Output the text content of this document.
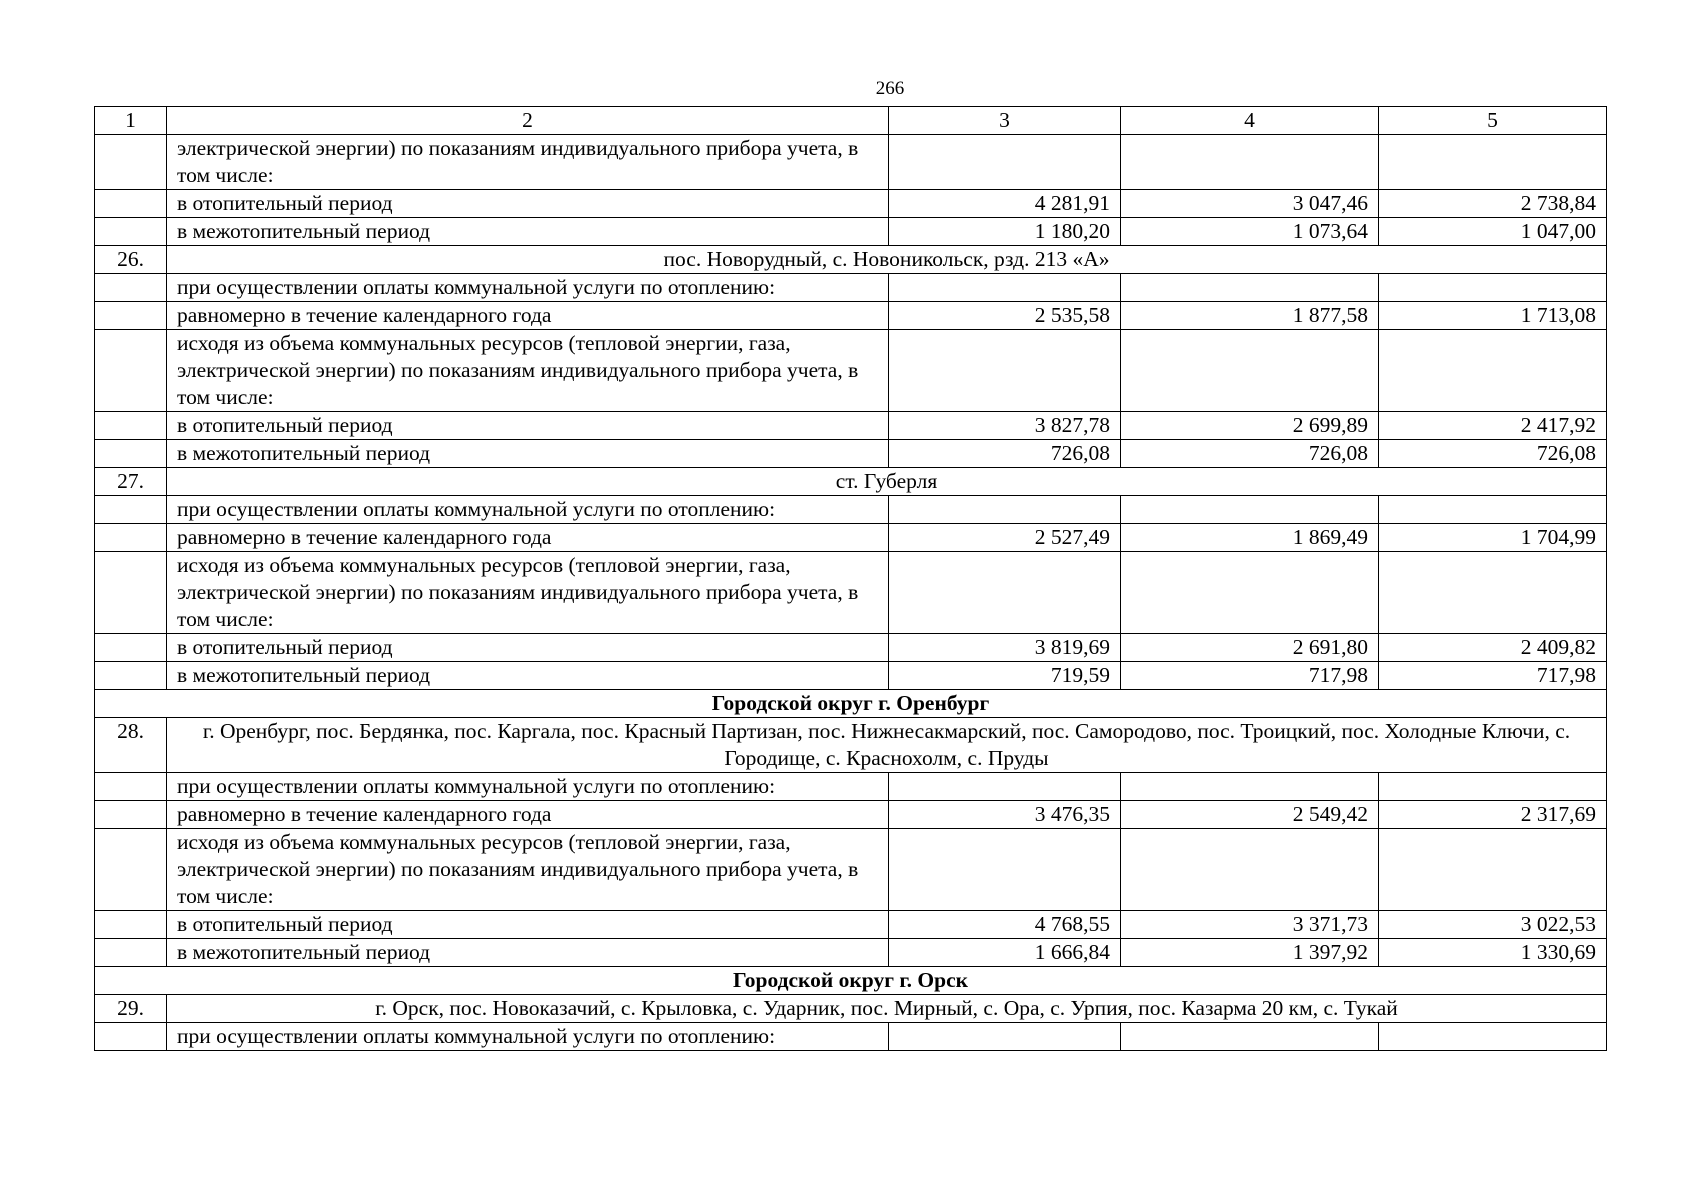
266
1	2	3	4	5
	электрической энергии) по показаниям индивидуального прибора учета, в том числе:			
	в отопительный период	4 281,91	3 047,46	2 738,84
	в межотопительный период	1 180,20	1 073,64	1 047,00
26.	пос. Новорудный, с. Новоникольск, рзд. 213 «А»			
	при осуществлении оплаты коммунальной услуги по отоплению:			
	равномерно в течение календарного года	2 535,58	1 877,58	1 713,08
	исходя из объема коммунальных ресурсов (тепловой энергии, газа, электрической энергии) по показаниям индивидуального прибора учета, в том числе:			
	в отопительный период	3 827,78	2 699,89	2 417,92
	в межотопительный период	726,08	726,08	726,08
27.	ст. Губерля			
	при осуществлении оплаты коммунальной услуги по отоплению:			
	равномерно в течение календарного года	2 527,49	1 869,49	1 704,99
	исходя из объема коммунальных ресурсов (тепловой энергии, газа, электрической энергии) по показаниям индивидуального прибора учета, в том числе:			
	в отопительный период	3 819,69	2 691,80	2 409,82
	в межотопительный период	719,59	717,98	717,98
Городской округ г. Оренбург				
28.	г. Оренбург, пос. Бердянка, пос. Каргала, пос. Красный Партизан, пос. Нижнесакмарский, пос. Самородово, пос. Троицкий, пос. Холодные Ключи, с. Городище, с. Краснохолм, с. Пруды			
	при осуществлении оплаты коммунальной услуги по отоплению:			
	равномерно в течение календарного года	3 476,35	2 549,42	2 317,69
	исходя из объема коммунальных ресурсов (тепловой энергии, газа, электрической энергии) по показаниям индивидуального прибора учета, в том числе:			
	в отопительный период	4 768,55	3 371,73	3 022,53
	в межотопительный период	1 666,84	1 397,92	1 330,69
Городской округ г. Орск				
29.	г. Орск, пос. Новоказачий, с. Крыловка, с. Ударник, пос. Мирный, с. Ора, с. Урпия, пос. Казарма 20 км, с. Тукай			
	при осуществлении оплаты коммунальной услуги по отоплению:			
